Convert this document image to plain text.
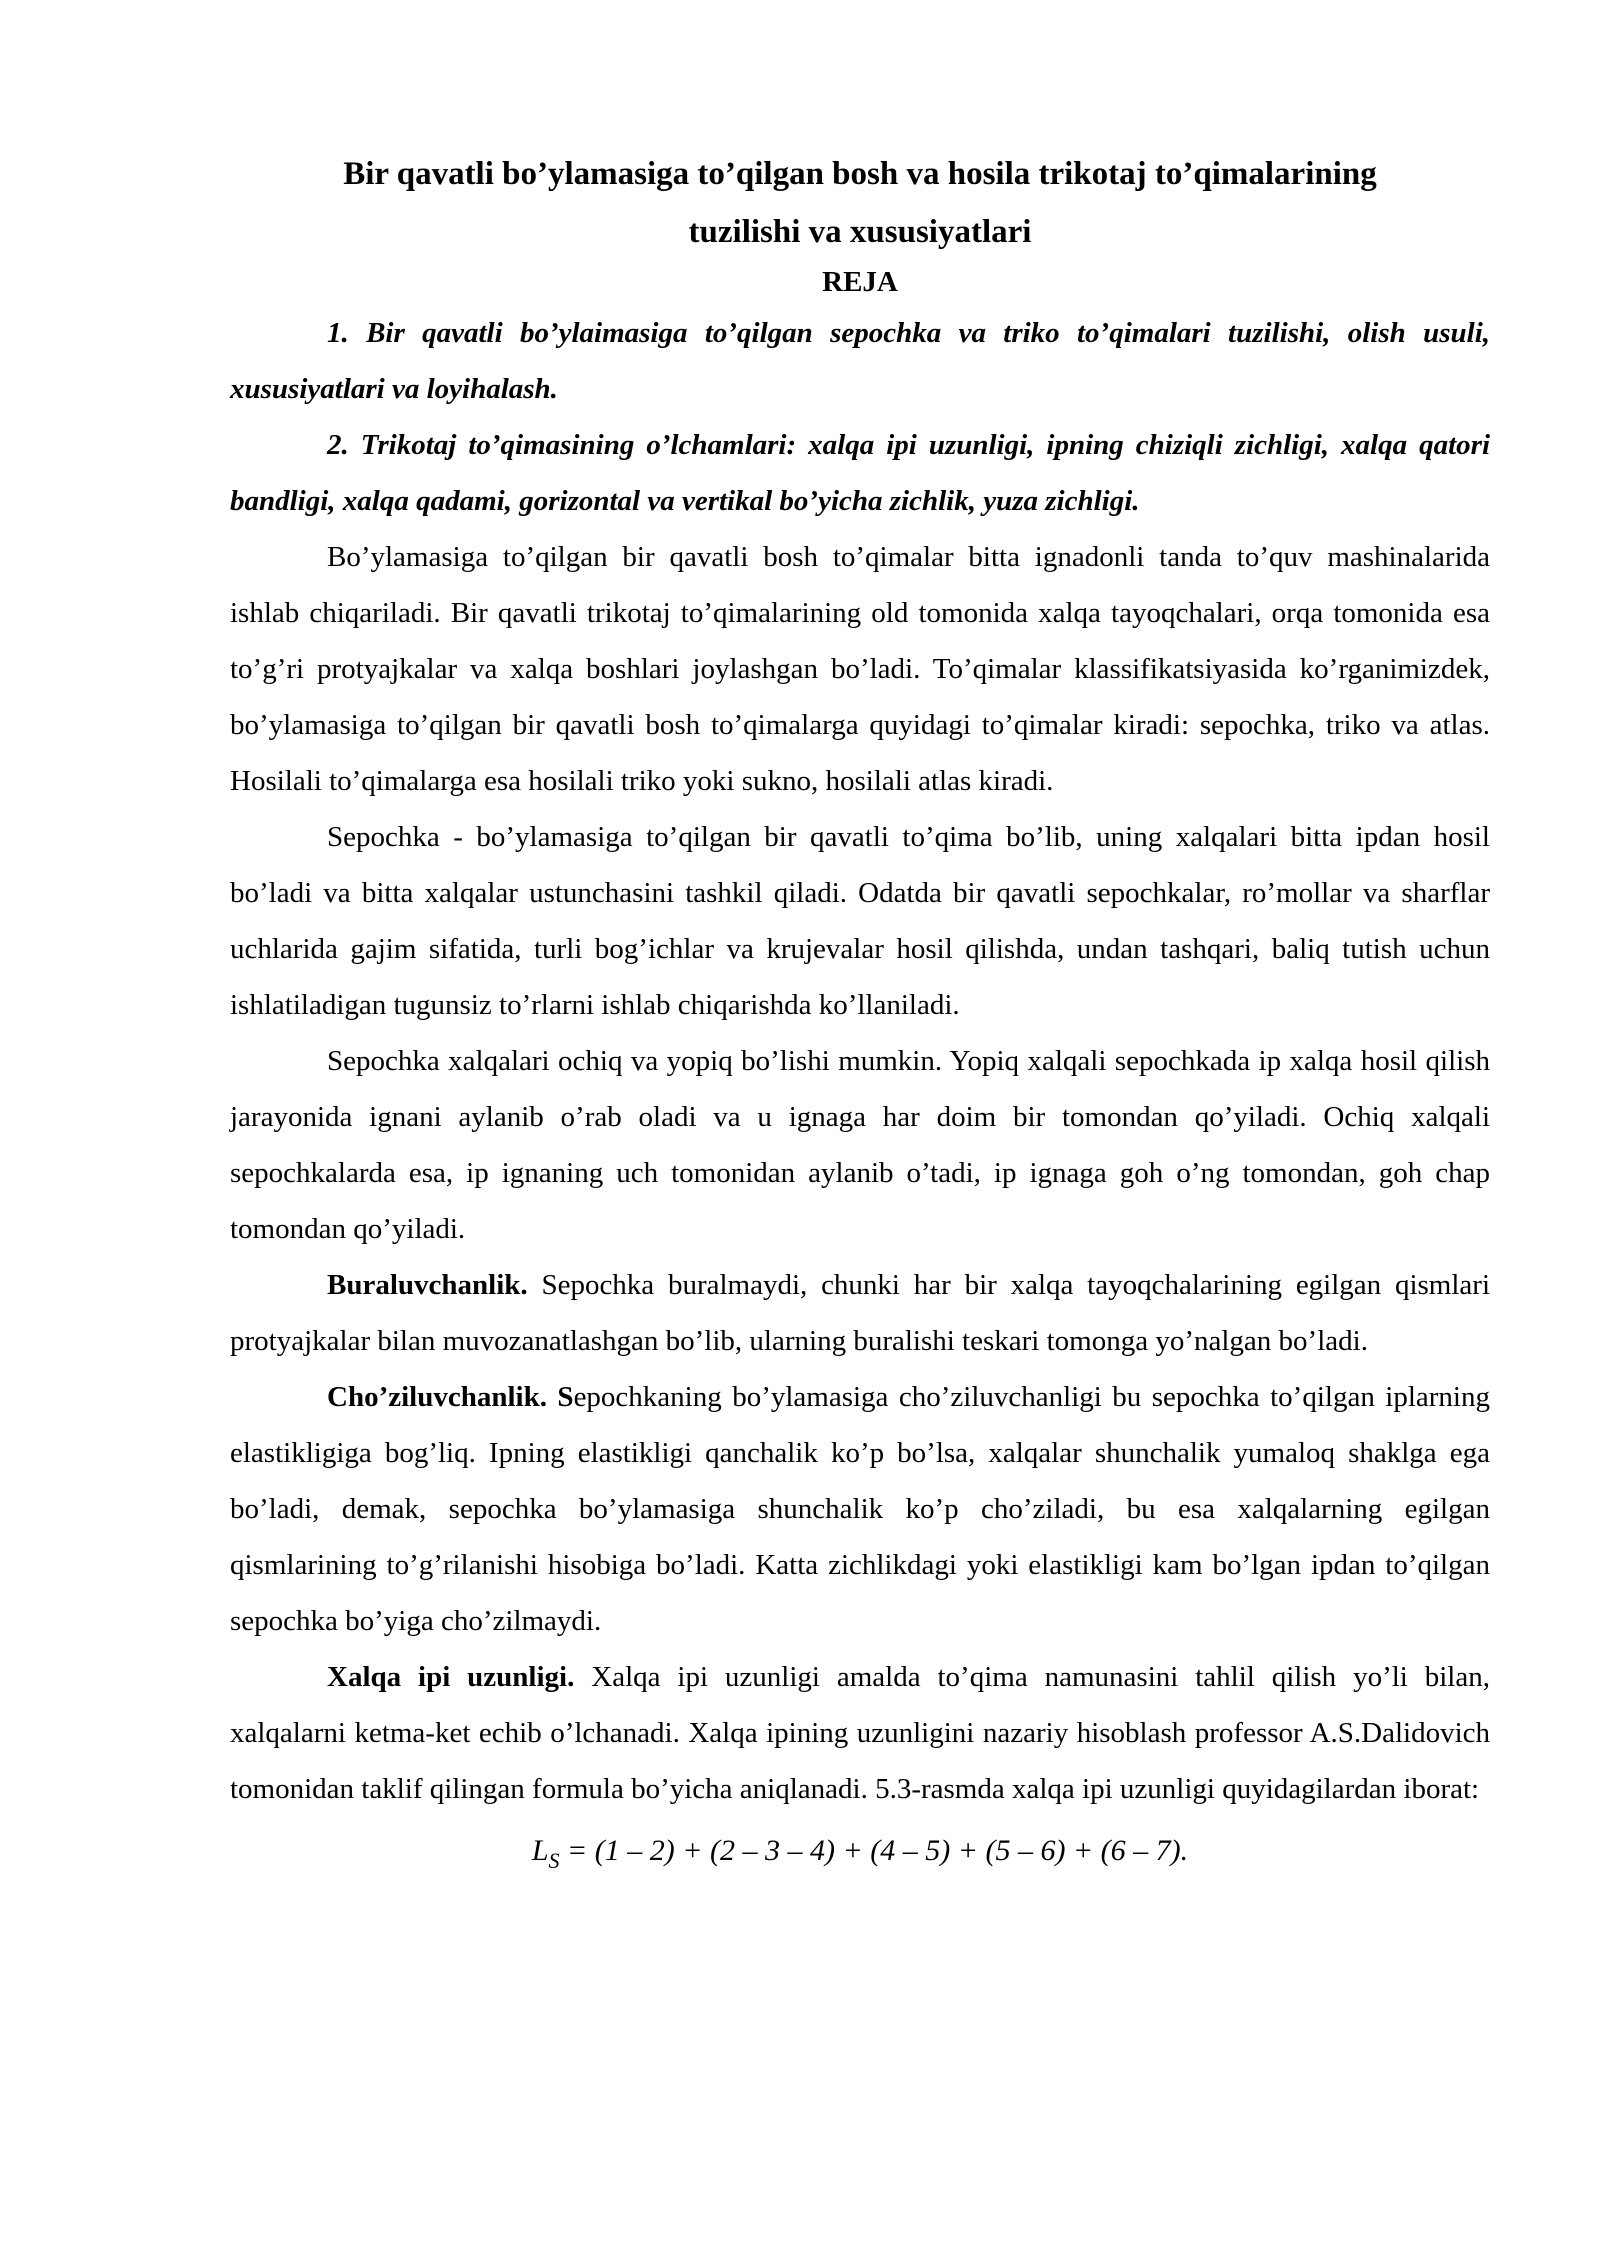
Bir qavatli bo’ylamasiga to’qilgan bosh va hosila trikotaj to’qimalarining
tuzilishi va xususiyatlari

REJA

1. Bir qavatli bo’ylaimasiga to’qilgan sepochka va triko to’qimalari tuzilishi, olish usuli, xususiyatlari va loyihalash.

2. Trikotaj to’qimasining o’lchamlari: xalqa ipi uzunligi, ipning chiziqli zichligi, xalqa qatori bandligi, xalqa qadami, gorizontal va vertikal bo’yicha zichlik, yuza zichligi.

Bo’ylamasiga to’qilgan bir qavatli bosh to’qimalar bitta ignadonli tanda to’quv mashinalarida ishlab chiqariladi. Bir qavatli trikotaj to’qimalarining old tomonida xalqa tayoqchalari, orqa tomonida esa to’g’ri protyajkalar va xalqa boshlari joylashgan bo’ladi. To’qimalar klassifikatsiyasida ko’rganimizdek, bo’ylamasiga to’qilgan bir qavatli bosh to’qimalarga quyidagi to’qimalar kiradi: sepochka, triko va atlas. Hosilali to’qimalarga esa hosilali triko yoki sukno, hosilali atlas kiradi.

Sepochka - bo’ylamasiga to’qilgan bir qavatli to’qima bo’lib, uning xalqalari bitta ipdan hosil bo’ladi va bitta xalqalar ustunchasini tashkil qiladi. Odatda bir qavatli sepochkalar, ro’mollar va sharflar uchlarida gajim sifatida, turli bog’ichlar va krujevalar hosil qilishda, undan tashqari, baliq tutish uchun ishlatiladigan tugunsiz to’rlarni ishlab chiqarishda ko’llaniladi.

Sepochka xalqalari ochiq va yopiq bo’lishi mumkin. Yopiq xalqali sepochkada ip xalqa hosil qilish jarayonida ignani aylanib o’rab oladi va u ignaga har doim bir tomondan qo’yiladi. Ochiq xalqali sepochkalarda esa, ip ignaning uch tomonidan aylanib o’tadi, ip ignaga goh o’ng tomondan, goh chap tomondan qo’yiladi.

Buraluvchanlik. Sepochka buralmaydi, chunki har bir xalqa tayoqchalarining egilgan qismlari protyajkalar bilan muvozanatlashgan bo’lib, ularning buralishi teskari tomonga yo’nalgan bo’ladi.

Cho’ziluvchanlik. Sepochkaning bo’ylamasiga cho’ziluvchanligi bu sepochka to’qilgan iplarning elastikligiga bog’liq. Ipning elastikligi qanchalik ko’p bo’lsa, xalqalar shunchalik yumaloq shaklga ega bo’ladi, demak, sepochka bo’ylamasiga shunchalik ko’p cho’ziladi, bu esa xalqalarning egilgan qismlarining to’g’rilanishi hisobiga bo’ladi. Katta zichlikdagi yoki elastikligi kam bo’lgan ipdan to’qilgan sepochka bo’yiga cho’zilmaydi.

Xalqa ipi uzunligi. Xalqa ipi uzunligi amalda to’qima namunasini tahlil qilish yo’li bilan, xalqalarni ketma-ket echib o’lchanadi. Xalqa ipining uzunligini nazariy hisoblash professor A.S.Dalidovich tomonidan taklif qilingan formula bo’yicha aniqlanadi. 5.3-rasmda xalqa ipi uzunligi quyidagilardan iborat:

$L_S = (1 - 2) + (2 - 3 - 4) + (4 - 5) + (5 - 6) + (6 - 7)$.
